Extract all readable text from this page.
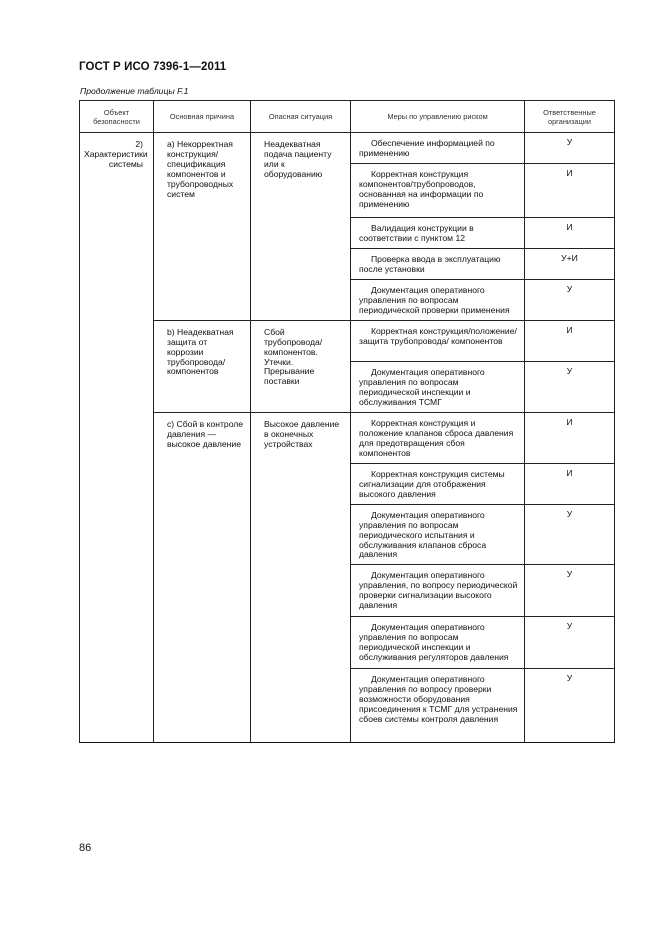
ГОСТ Р ИСО 7396-1—2011
Продолжение таблицы F.1
Объект безопасности	Основная причина	Опасная ситуация	Меры по управлению риском	Ответственные организации
2) Характеристики системы	a) Некорректная конструкция/ спецификация компонентов и трубопроводных систем	Неадекватная подача пациенту или к оборудованию	Обеспечение информацией по применению	У

			Корректная конструкция компонентов/трубопроводов, основанная на информации по применению	И

			Валидация конструкции в соответствии с пунктом 12	И

			Проверка ввода в эксплуатацию после установки	У+И

			Документация оперативного управления по вопросам периодической проверки применения	У
	b) Неадекватная защита от коррозии трубопровода/ компонентов	Сбой трубопровода/ компонентов. Утечки. Прерывание поставки	Корректная конструкция/положение/защита трубопровода/ компонентов	И

			Документация оперативного управления по вопросам периодической инспекции и обслуживания ТСМГ	У
	c) Сбой в контроле давления — высокое давление	Высокое давление в оконечных устройствах	Корректная конструкция и положение клапанов сброса давления для предотвращения сбоя компонентов	И

			Корректная конструкция системы сигнализации для отображения высокого давления	И

			Документация оперативного управления по вопросам периодического испытания и обслуживания клапанов сброса давления	У

			Документация оперативного управления, по вопросу периодической проверки сигнализации высокого давления	У

			Документация оперативного управления по вопросам периодической инспекции и обслуживания регуляторов давления	У

			Документация оперативного управления по вопросу проверки возможности оборудования присоединения к ТСМГ для устранения сбоев системы контроля давления	У
86
